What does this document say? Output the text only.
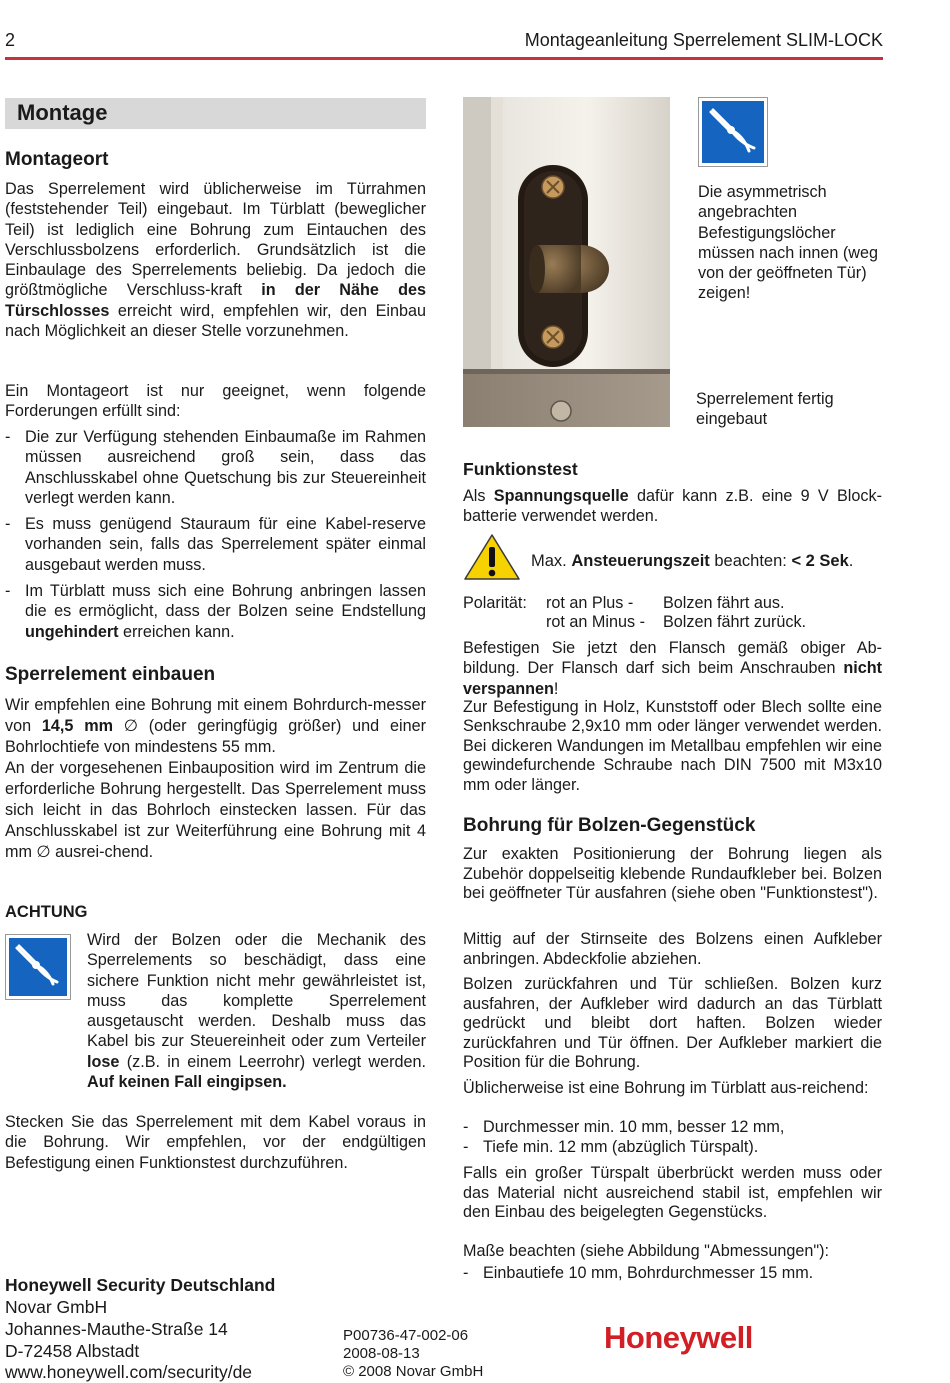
2	Montageanleitung Sperrelement SLIM-LOCK
Montage
Montageort

Das Sperrelement wird üblicherweise im Türrahmen (feststehender Teil) eingebaut. Im Türblatt (beweglicher Teil) ist lediglich eine Bohrung zum Eintauchen des Verschlussbolzens erforderlich. Grundsätzlich ist die Einbaulage des Sperrelements beliebig. Da jedoch die größtmögliche Verschluss-kraft in der Nähe des Türschlosses erreicht wird, empfehlen wir, den Einbau nach Möglichkeit an dieser Stelle vorzunehmen.

Ein Montageort ist nur geeignet, wenn folgende Forderungen erfüllt sind:

- Die zur Verfügung stehenden Einbaumaße im Rahmen müssen ausreichend groß sein, dass das Anschlusskabel ohne Quetschung bis zur Steuereinheit verlegt werden kann.
- Es muss genügend Stauraum für eine Kabel-reserve vorhanden sein, falls das Sperrelement später einmal ausgebaut werden muss.
- Im Türblatt muss sich eine Bohrung anbringen lassen die es ermöglicht, dass der Bolzen seine Endstellung ungehindert erreichen kann.
Sperrelement einbauen

Wir empfehlen eine Bohrung mit einem Bohrdurch-messer von 14,5 mm ∅ (oder geringfügig größer) und einer Bohrlochtiefe von mindestens 55 mm.

An der vorgesehenen Einbauposition wird im Zentrum die erforderliche Bohrung hergestellt. Das Sperrelement muss sich leicht in das Bohrloch einstecken lassen. Für das Anschlusskabel ist zur Weiterführung eine Bohrung mit 4 mm ∅ ausrei-chend.

ACHTUNG

Wird der Bolzen oder die Mechanik des Sperrelements so beschädigt, dass eine sichere Funktion nicht mehr gewährleistet ist, muss das komplette Sperrelement ausgetauscht werden. Deshalb muss das Kabel bis zur Steuereinheit oder zum Verteiler lose (z.B. in einem Leerrohr) verlegt werden. Auf keinen Fall eingipsen.

Stecken Sie das Sperrelement mit dem Kabel voraus in die Bohrung. Wir empfehlen, vor der endgültigen Befestigung einen Funktionstest durchzuführen.

Die asymmetrisch angebrachten Befestigungslöcher müssen nach innen (weg von der geöffneten Tür) zeigen!

Sperrelement fertig eingebaut

Funktionstest

Als Spannungsquelle dafür kann z.B. eine 9 V Block-batterie verwendet werden.

Max. Ansteuerungszeit beachten: < 2 Sek.
Polarität: rot an Plus - Bolzen fährt aus.
rot an Minus - Bolzen fährt zurück.

Befestigen Sie jetzt den Flansch gemäß obiger Ab-bildung. Der Flansch darf sich beim Anschrauben nicht verspannen!

Zur Befestigung in Holz, Kunststoff oder Blech sollte eine Senkschraube 2,9x10 mm oder länger verwendet werden. Bei dickeren Wandungen im Metallbau empfehlen wir eine gewindefurchende Schraube nach DIN 7500 mit M3x10 mm oder länger.

Bohrung für Bolzen-Gegenstück

Zur exakten Positionierung der Bohrung liegen als Zubehör doppelseitig klebende Rundaufkleber bei. Bolzen bei geöffneter Tür ausfahren (siehe oben "Funktionstest").

Mittig auf der Stirnseite des Bolzens einen Aufkleber anbringen. Abdeckfolie abziehen.

Bolzen zurückfahren und Tür schließen. Bolzen kurz ausfahren, der Aufkleber wird dadurch an das Türblatt gedrückt und bleibt dort haften. Bolzen wieder zurückfahren und Tür öffnen. Der Aufkleber markiert die Position für die Bohrung.

Üblicherweise ist eine Bohrung im Türblatt aus-reichend:

- Durchmesser min. 10 mm, besser 12 mm,
- Tiefe min. 12 mm (abzüglich Türspalt).

Falls ein großer Türspalt überbrückt werden muss oder das Material nicht ausreichend stabil ist, empfehlen wir den Einbau des beigelegten Gegenstücks.

Maße beachten (siehe Abbildung "Abmessungen"):

- Einbautiefe 10 mm, Bohrdurchmesser 15 mm.
Honeywell Security Deutschland
Novar GmbH
Johannes-Mauthe-Straße 14
D-72458 Albstadt
www.honeywell.com/security/de
P00736-47-002-06
2008-08-13
© 2008 Novar GmbH
Honeywell
